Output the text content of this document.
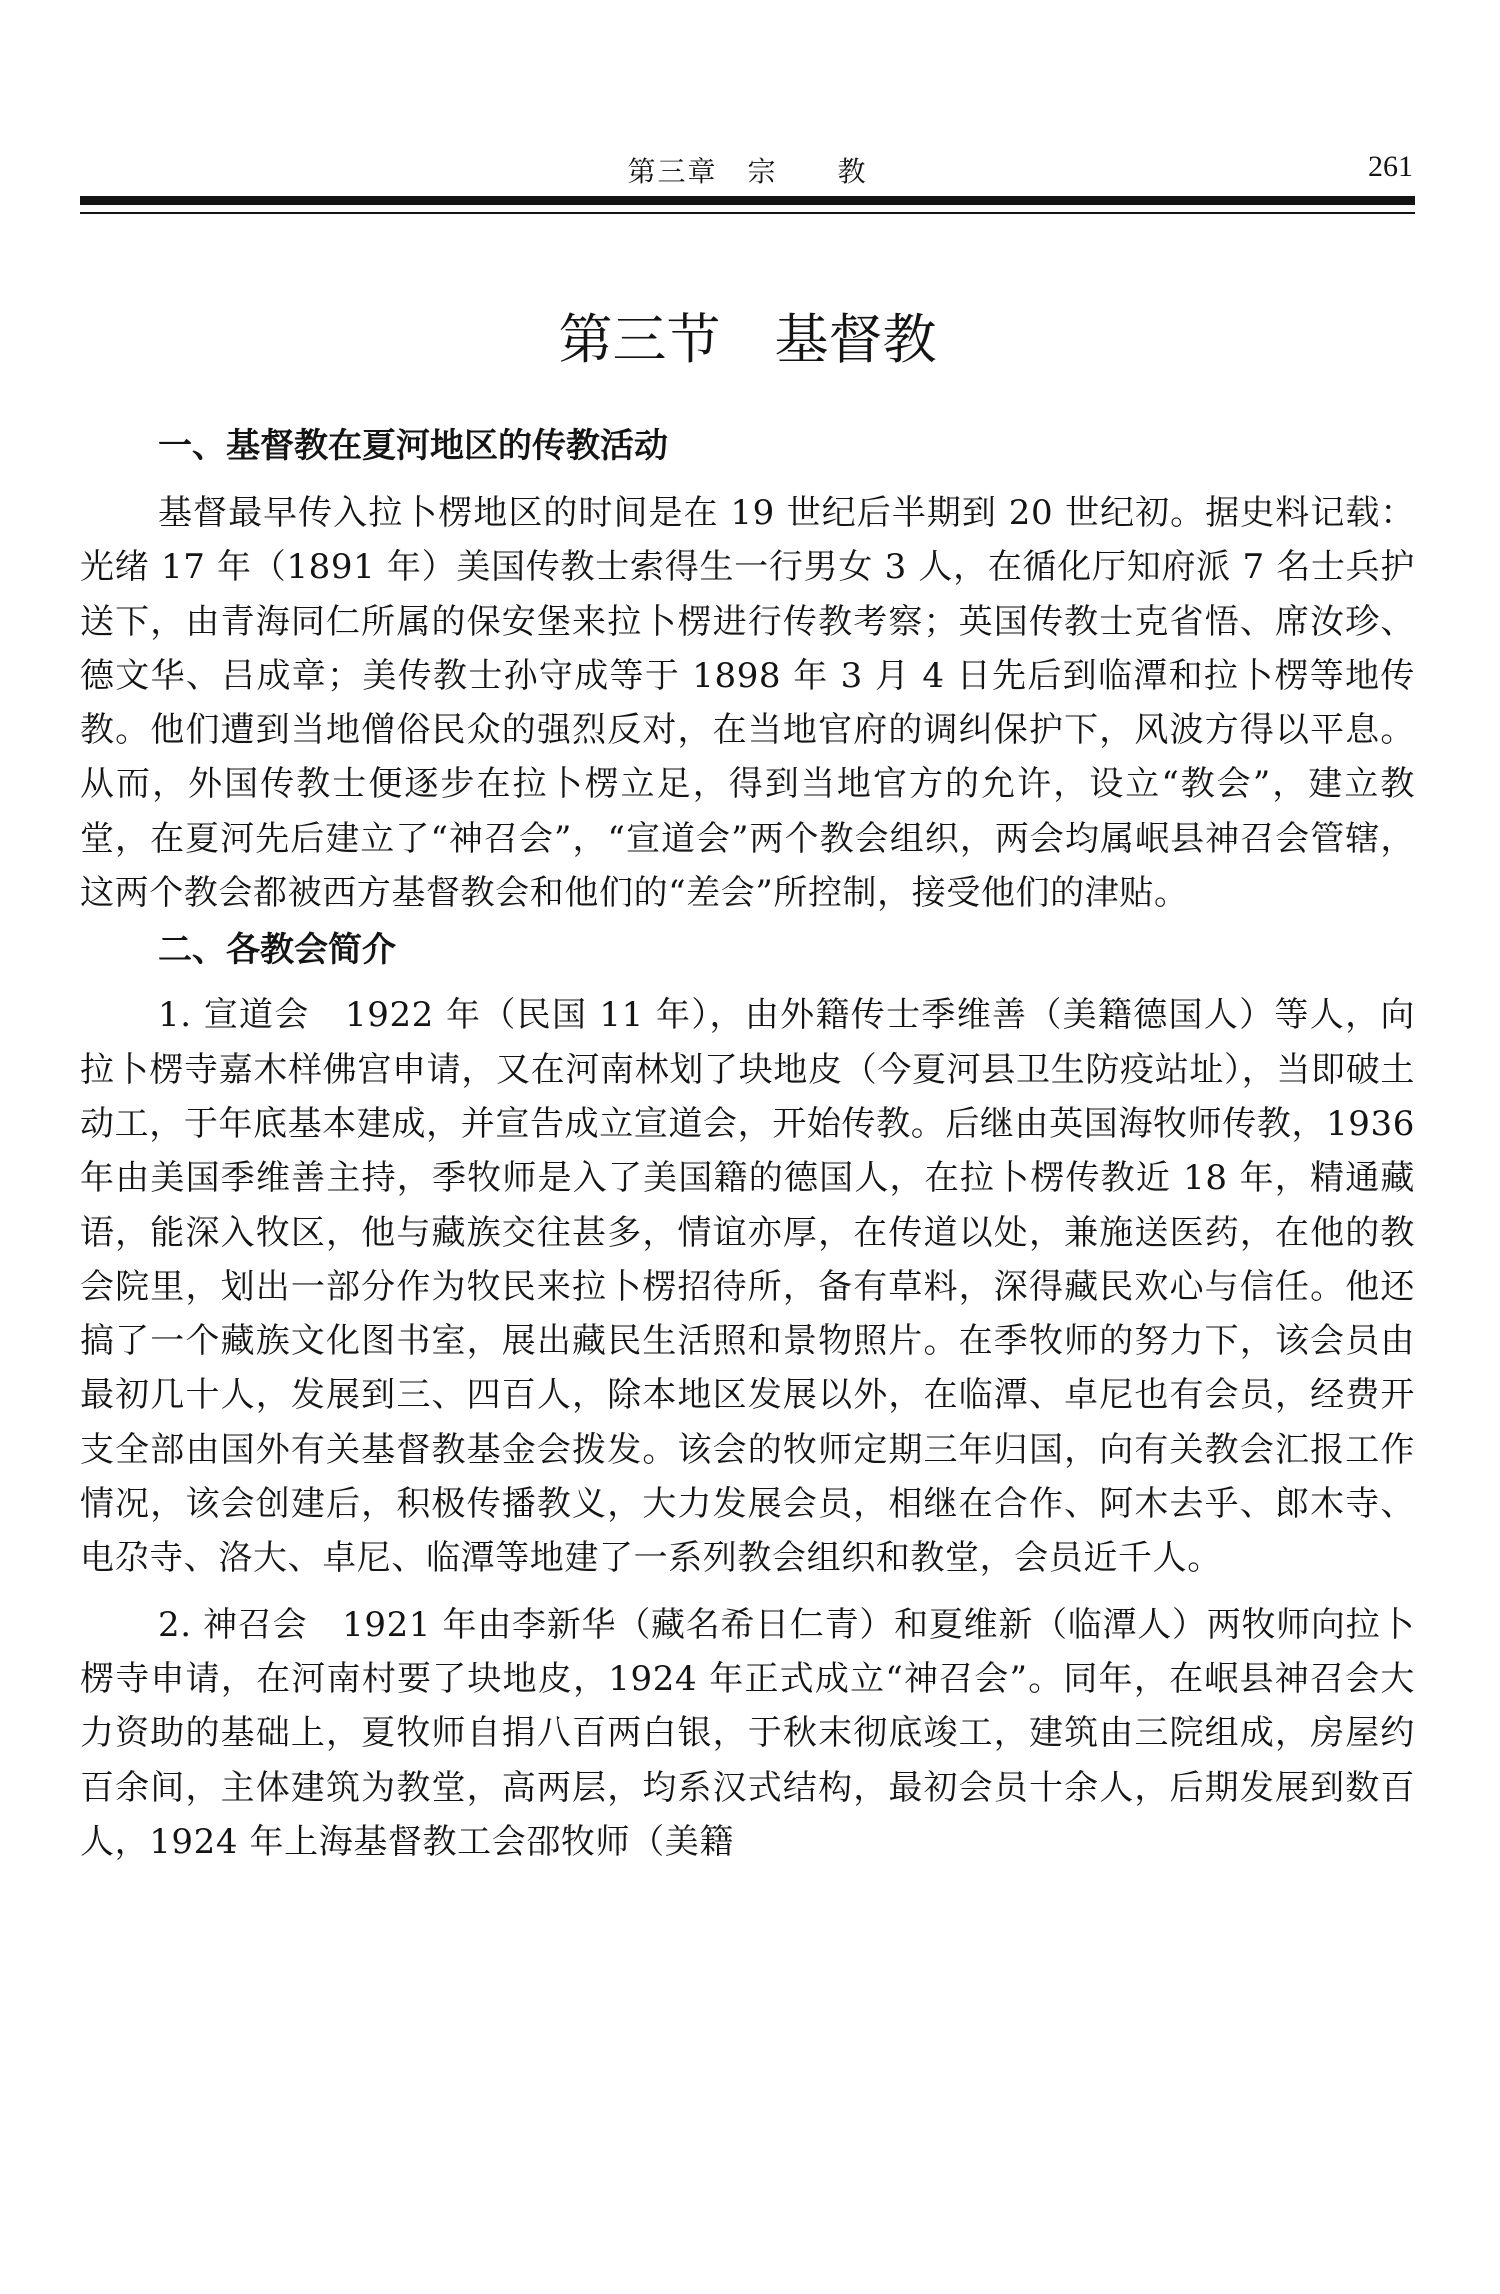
第三章　宗　　教	261
第三节　基督教
一、基督教在夏河地区的传教活动

基督最早传入拉卜楞地区的时间是在 19 世纪后半期到 20 世纪初。据史料记载：光绪 17 年（1891 年）美国传教士索得生一行男女 3 人，在循化厅知府派 7 名士兵护送下，由青海同仁所属的保安堡来拉卜楞进行传教考察；英国传教士克省悟、席汝珍、德文华、吕成章；美传教士孙守成等于 1898 年 3 月 4 日先后到临潭和拉卜楞等地传教。他们遭到当地僧俗民众的强烈反对，在当地官府的调纠保护下，风波方得以平息。从而，外国传教士便逐步在拉卜楞立足，得到当地官方的允许，设立“教会”，建立教堂，在夏河先后建立了“神召会”，“宣道会”两个教会组织，两会均属岷县神召会管辖，这两个教会都被西方基督教会和他们的“差会”所控制，接受他们的津贴。

二、各教会简介

1. 宣道会　1922 年（民国 11 年），由外籍传士季维善（美籍德国人）等人，向拉卜楞寺嘉木样佛宫申请，又在河南林划了块地皮（今夏河县卫生防疫站址），当即破土动工，于年底基本建成，并宣告成立宣道会，开始传教。后继由英国海牧师传教，1936 年由美国季维善主持，季牧师是入了美国籍的德国人，在拉卜楞传教近 18 年，精通藏语，能深入牧区，他与藏族交往甚多，情谊亦厚，在传道以处，兼施送医药，在他的教会院里，划出一部分作为牧民来拉卜楞招待所，备有草料，深得藏民欢心与信任。他还搞了一个藏族文化图书室，展出藏民生活照和景物照片。在季牧师的努力下，该会员由最初几十人，发展到三、四百人，除本地区发展以外，在临潭、卓尼也有会员，经费开支全部由国外有关基督教基金会拨发。该会的牧师定期三年归国，向有关教会汇报工作情况，该会创建后，积极传播教义，大力发展会员，相继在合作、阿木去乎、郎木寺、电尕寺、洛大、卓尼、临潭等地建了一系列教会组织和教堂，会员近千人。

2. 神召会　1921 年由李新华（藏名希日仁青）和夏维新（临潭人）两牧师向拉卜楞寺申请，在河南村要了块地皮，1924 年正式成立“神召会”。同年，在岷县神召会大力资助的基础上，夏牧师自捐八百两白银，于秋末彻底竣工，建筑由三院组成，房屋约百余间，主体建筑为教堂，高两层，均系汉式结构，最初会员十余人，后期发展到数百人，1924 年上海基督教工会邵牧师（美籍
